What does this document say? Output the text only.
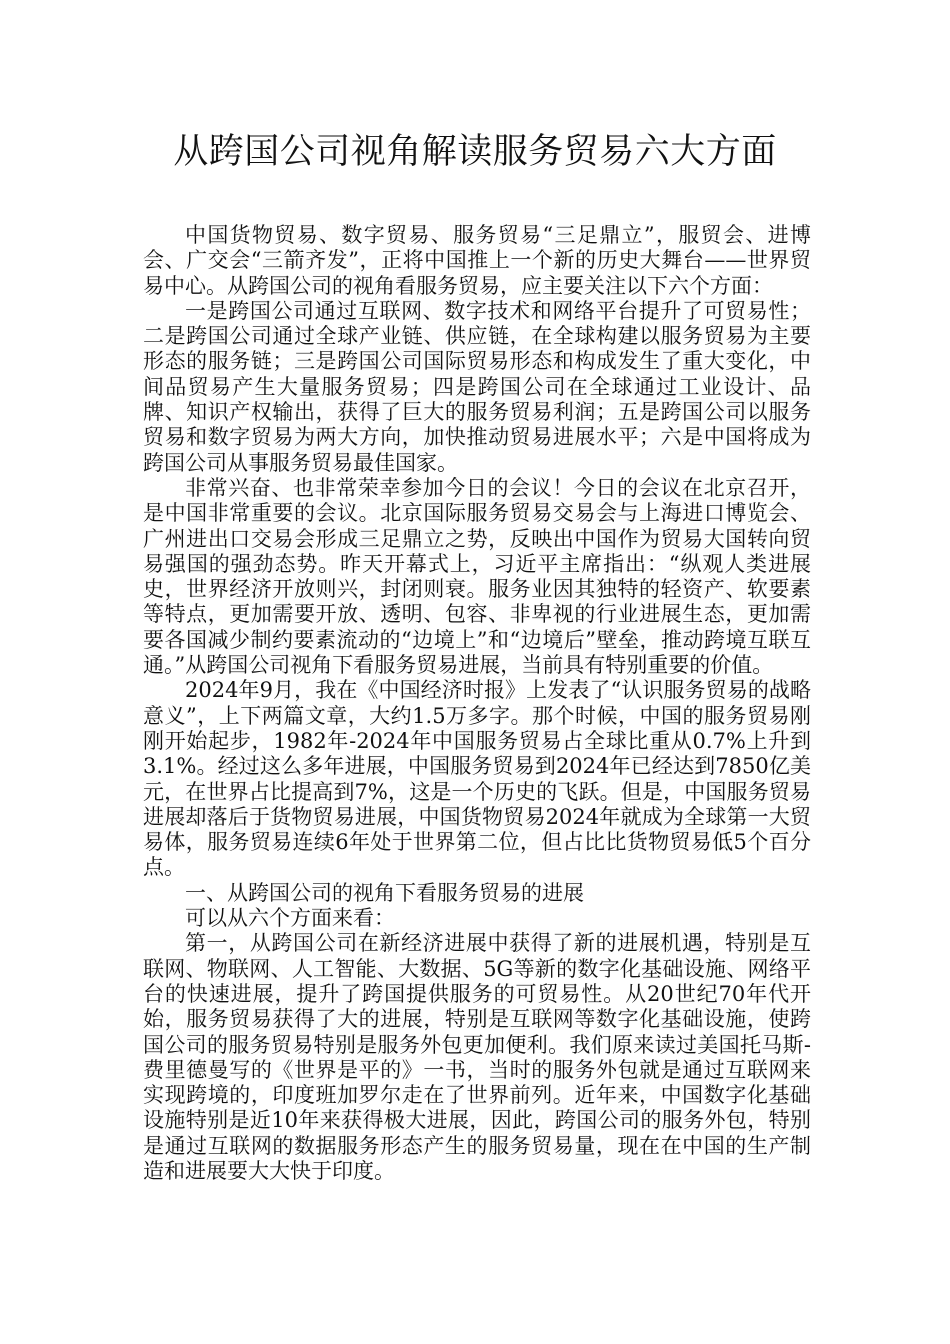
从跨国公司视角解读服务贸易六大方面

中国货物贸易、数字贸易、服务贸易“三足鼎立”，服贸会、进博会、广交会“三箭齐发”，正将中国推上一个新的历史大舞台——世界贸易中心。从跨国公司的视角看服务贸易，应主要关注以下六个方面：

一是跨国公司通过互联网、数字技术和网络平台提升了可贸易性；二是跨国公司通过全球产业链、供应链，在全球构建以服务贸易为主要形态的服务链；三是跨国公司国际贸易形态和构成发生了重大变化，中间品贸易产生大量服务贸易；四是跨国公司在全球通过工业设计、品牌、知识产权输出，获得了巨大的服务贸易利润；五是跨国公司以服务贸易和数字贸易为两大方向，加快推动贸易进展水平；六是中国将成为跨国公司从事服务贸易最佳国家。

非常兴奋、也非常荣幸参加今日的会议！今日的会议在北京召开，是中国非常重要的会议。北京国际服务贸易交易会与上海进口博览会、广州进出口交易会形成三足鼎立之势，反映出中国作为贸易大国转向贸易强国的强劲态势。昨天开幕式上，习近平主席指出：“纵观人类进展史，世界经济开放则兴，封闭则衰。服务业因其独特的轻资产、软要素等特点，更加需要开放、透明、包容、非卑视的行业进展生态，更加需要各国减少制约要素流动的“边境上”和“边境后”壁垒，推动跨境互联互通。”从跨国公司视角下看服务贸易进展，当前具有特别重要的价值。

2024年9月，我在《中国经济时报》上发表了“认识服务贸易的战略意义”，上下两篇文章，大约1.5万多字。那个时候，中国的服务贸易刚刚开始起步，1982年-2024年中国服务贸易占全球比重从0.7%上升到3.1%。经过这么多年进展，中国服务贸易到2024年已经达到7850亿美元，在世界占比提高到7%，这是一个历史的飞跃。但是，中国服务贸易进展却落后于货物贸易进展，中国货物贸易2024年就成为全球第一大贸易体，服务贸易连续6年处于世界第二位，但占比比货物贸易低5个百分点。

一、从跨国公司的视角下看服务贸易的进展

可以从六个方面来看：

第一，从跨国公司在新经济进展中获得了新的进展机遇，特别是互联网、物联网、人工智能、大数据、5G等新的数字化基础设施、网络平台的快速进展，提升了跨国提供服务的可贸易性。从20世纪70年代开始，服务贸易获得了大的进展，特别是互联网等数字化基础设施，使跨国公司的服务贸易特别是服务外包更加便利。我们原来读过美国托马斯-费里德曼写的《世界是平的》一书，当时的服务外包就是通过互联网来实现跨境的，印度班加罗尔走在了世界前列。近年来，中国数字化基础设施特别是近10年来获得极大进展，因此，跨国公司的服务外包，特别是通过互联网的数据服务形态产生的服务贸易量，现在在中国的生产制造和进展要大大快于印度。
